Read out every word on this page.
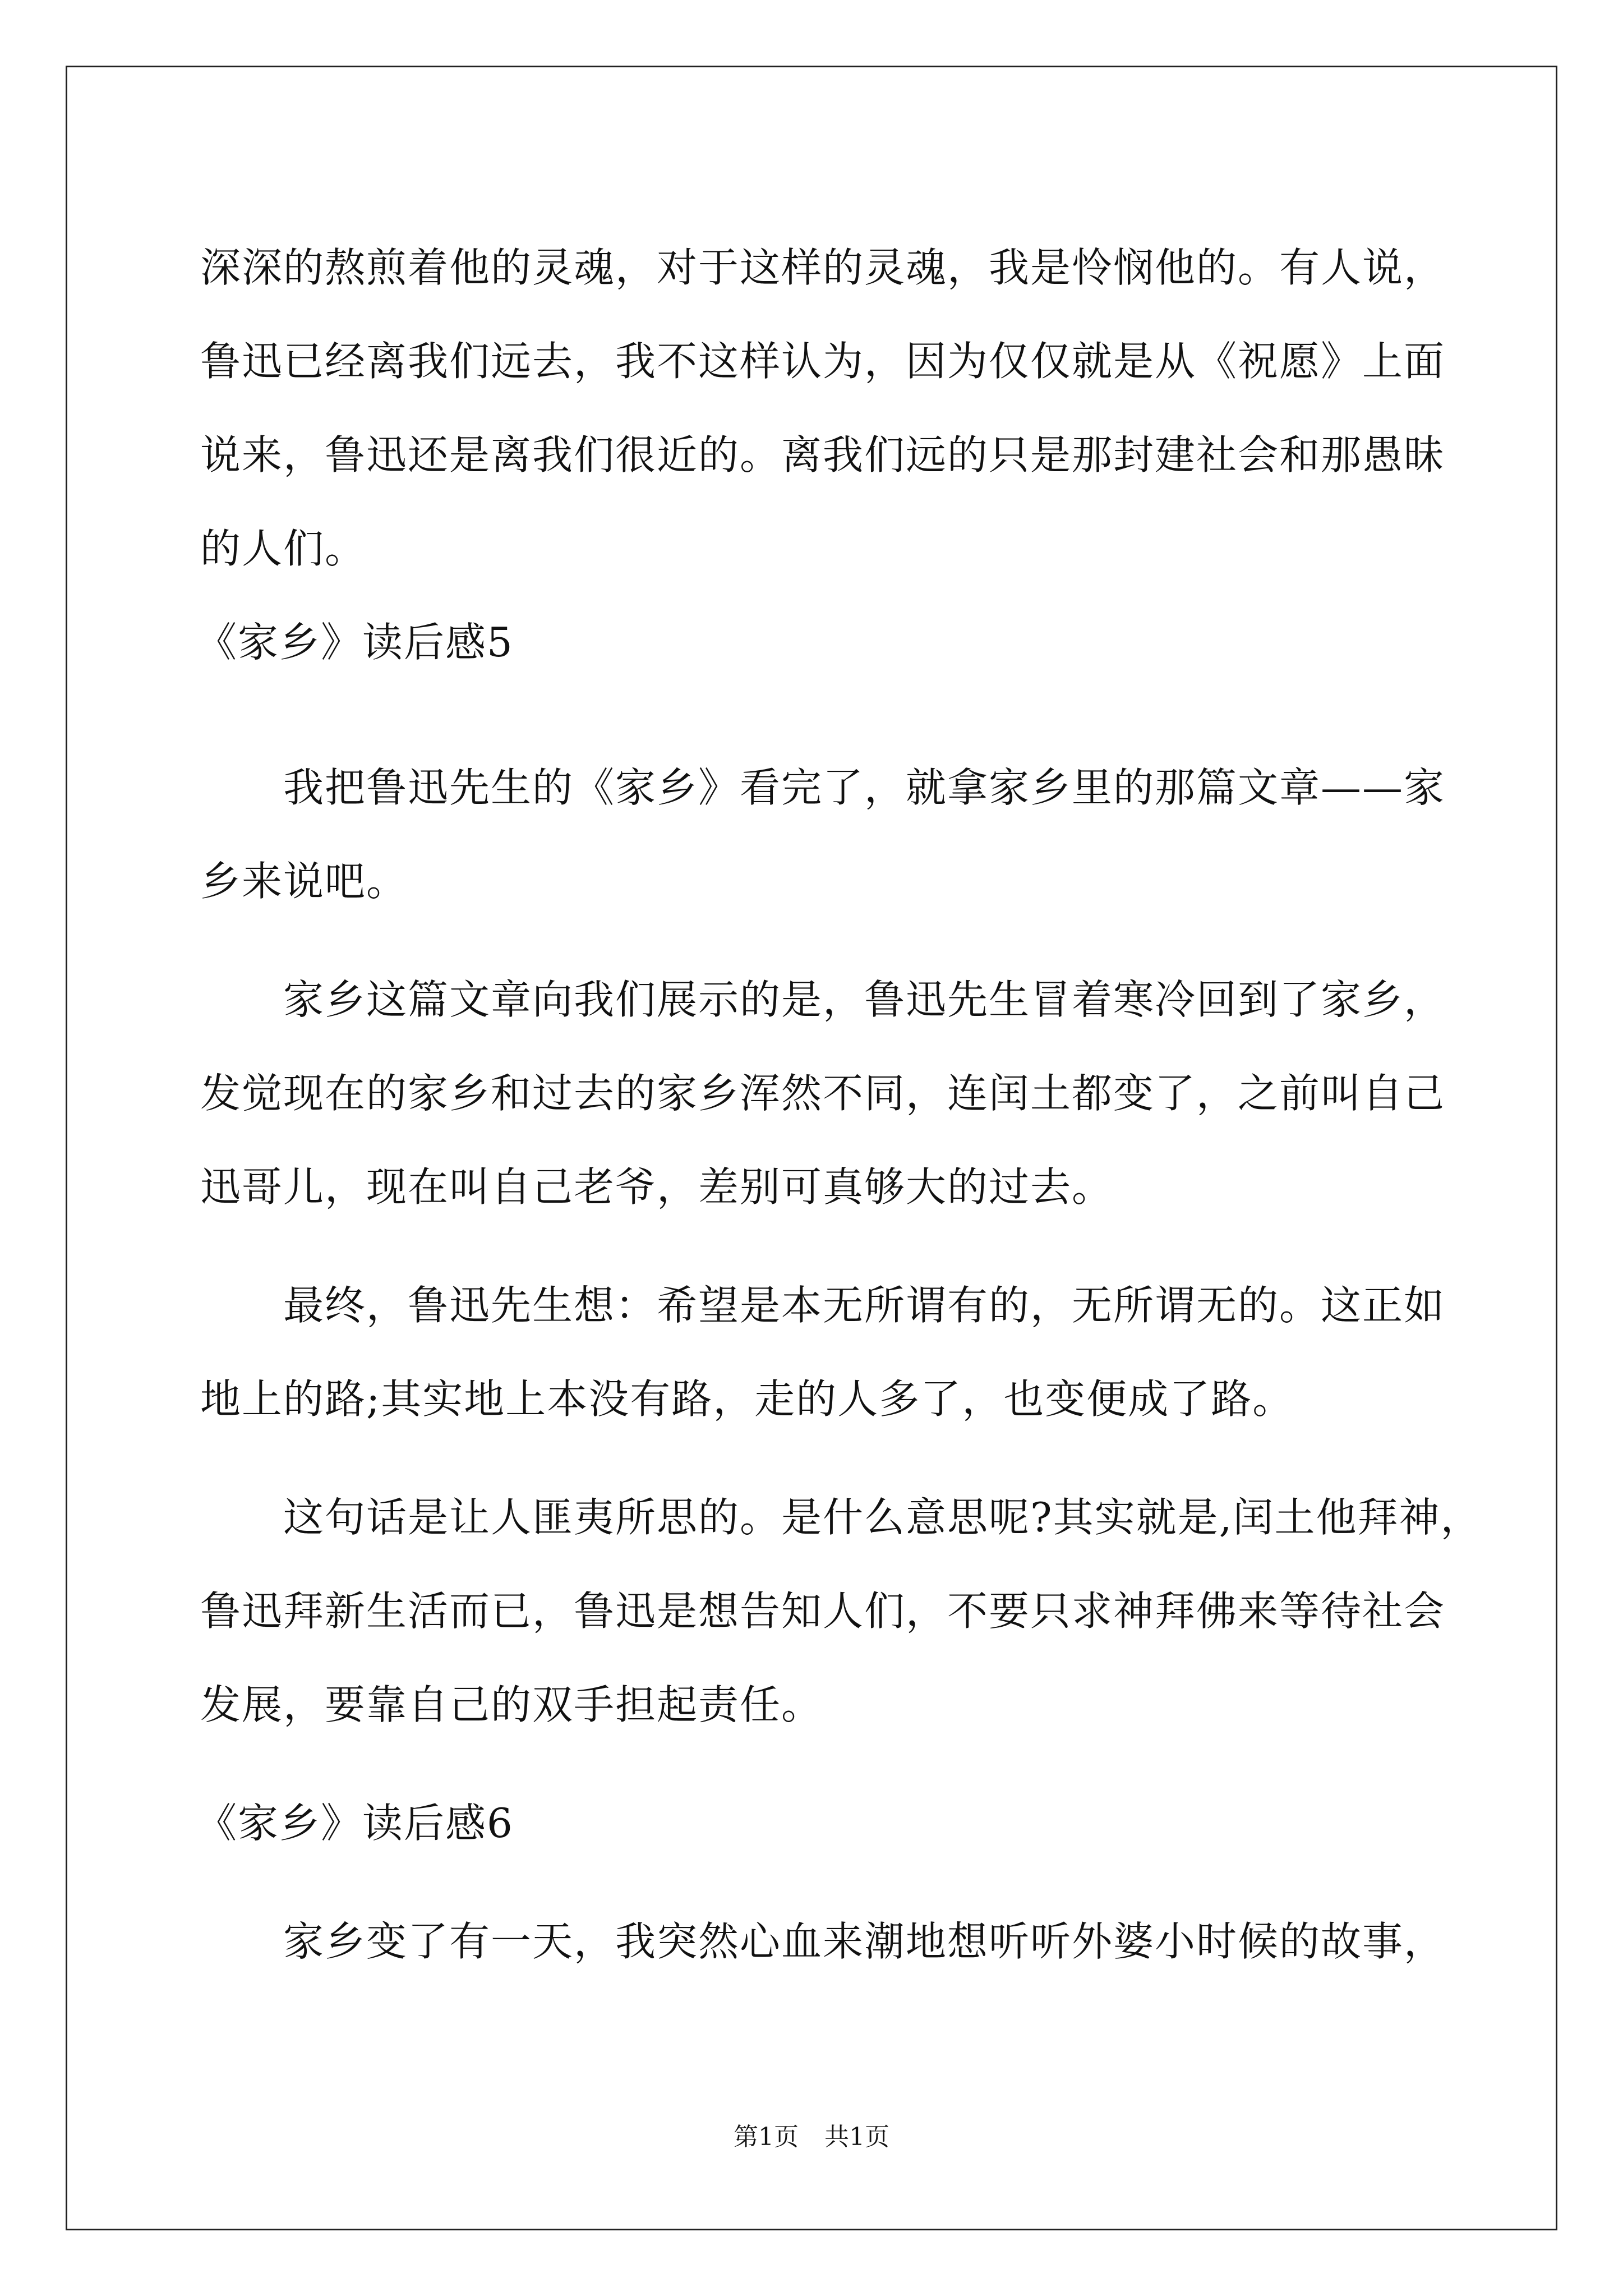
深深的熬煎着他的灵魂，对于这样的灵魂，我是怜悯他的。有人说，
鲁迅已经离我们远去，我不这样认为，因为仅仅就是从《祝愿》上面
说来，鲁迅还是离我们很近的。离我们远的只是那封建社会和那愚昧
的人们。
《家乡》读后感5
我把鲁迅先生的《家乡》看完了，就拿家乡里的那篇文章——家
乡来说吧。
家乡这篇文章向我们展示的是，鲁迅先生冒着寒冷回到了家乡，
发觉现在的家乡和过去的家乡浑然不同，连闰土都变了，之前叫自己
迅哥儿，现在叫自己老爷，差别可真够大的过去。
最终，鲁迅先生想：希望是本无所谓有的，无所谓无的。这正如
地上的路;其实地上本没有路，走的人多了，也变便成了路。
这句话是让人匪夷所思的。是什么意思呢?其实就是,闰土他拜神，
鲁迅拜新生活而已，鲁迅是想告知人们，不要只求神拜佛来等待社会
发展，要靠自己的双手担起责任。
《家乡》读后感6
家乡变了有一天，我突然心血来潮地想听听外婆小时候的故事，
第1页 共1页
